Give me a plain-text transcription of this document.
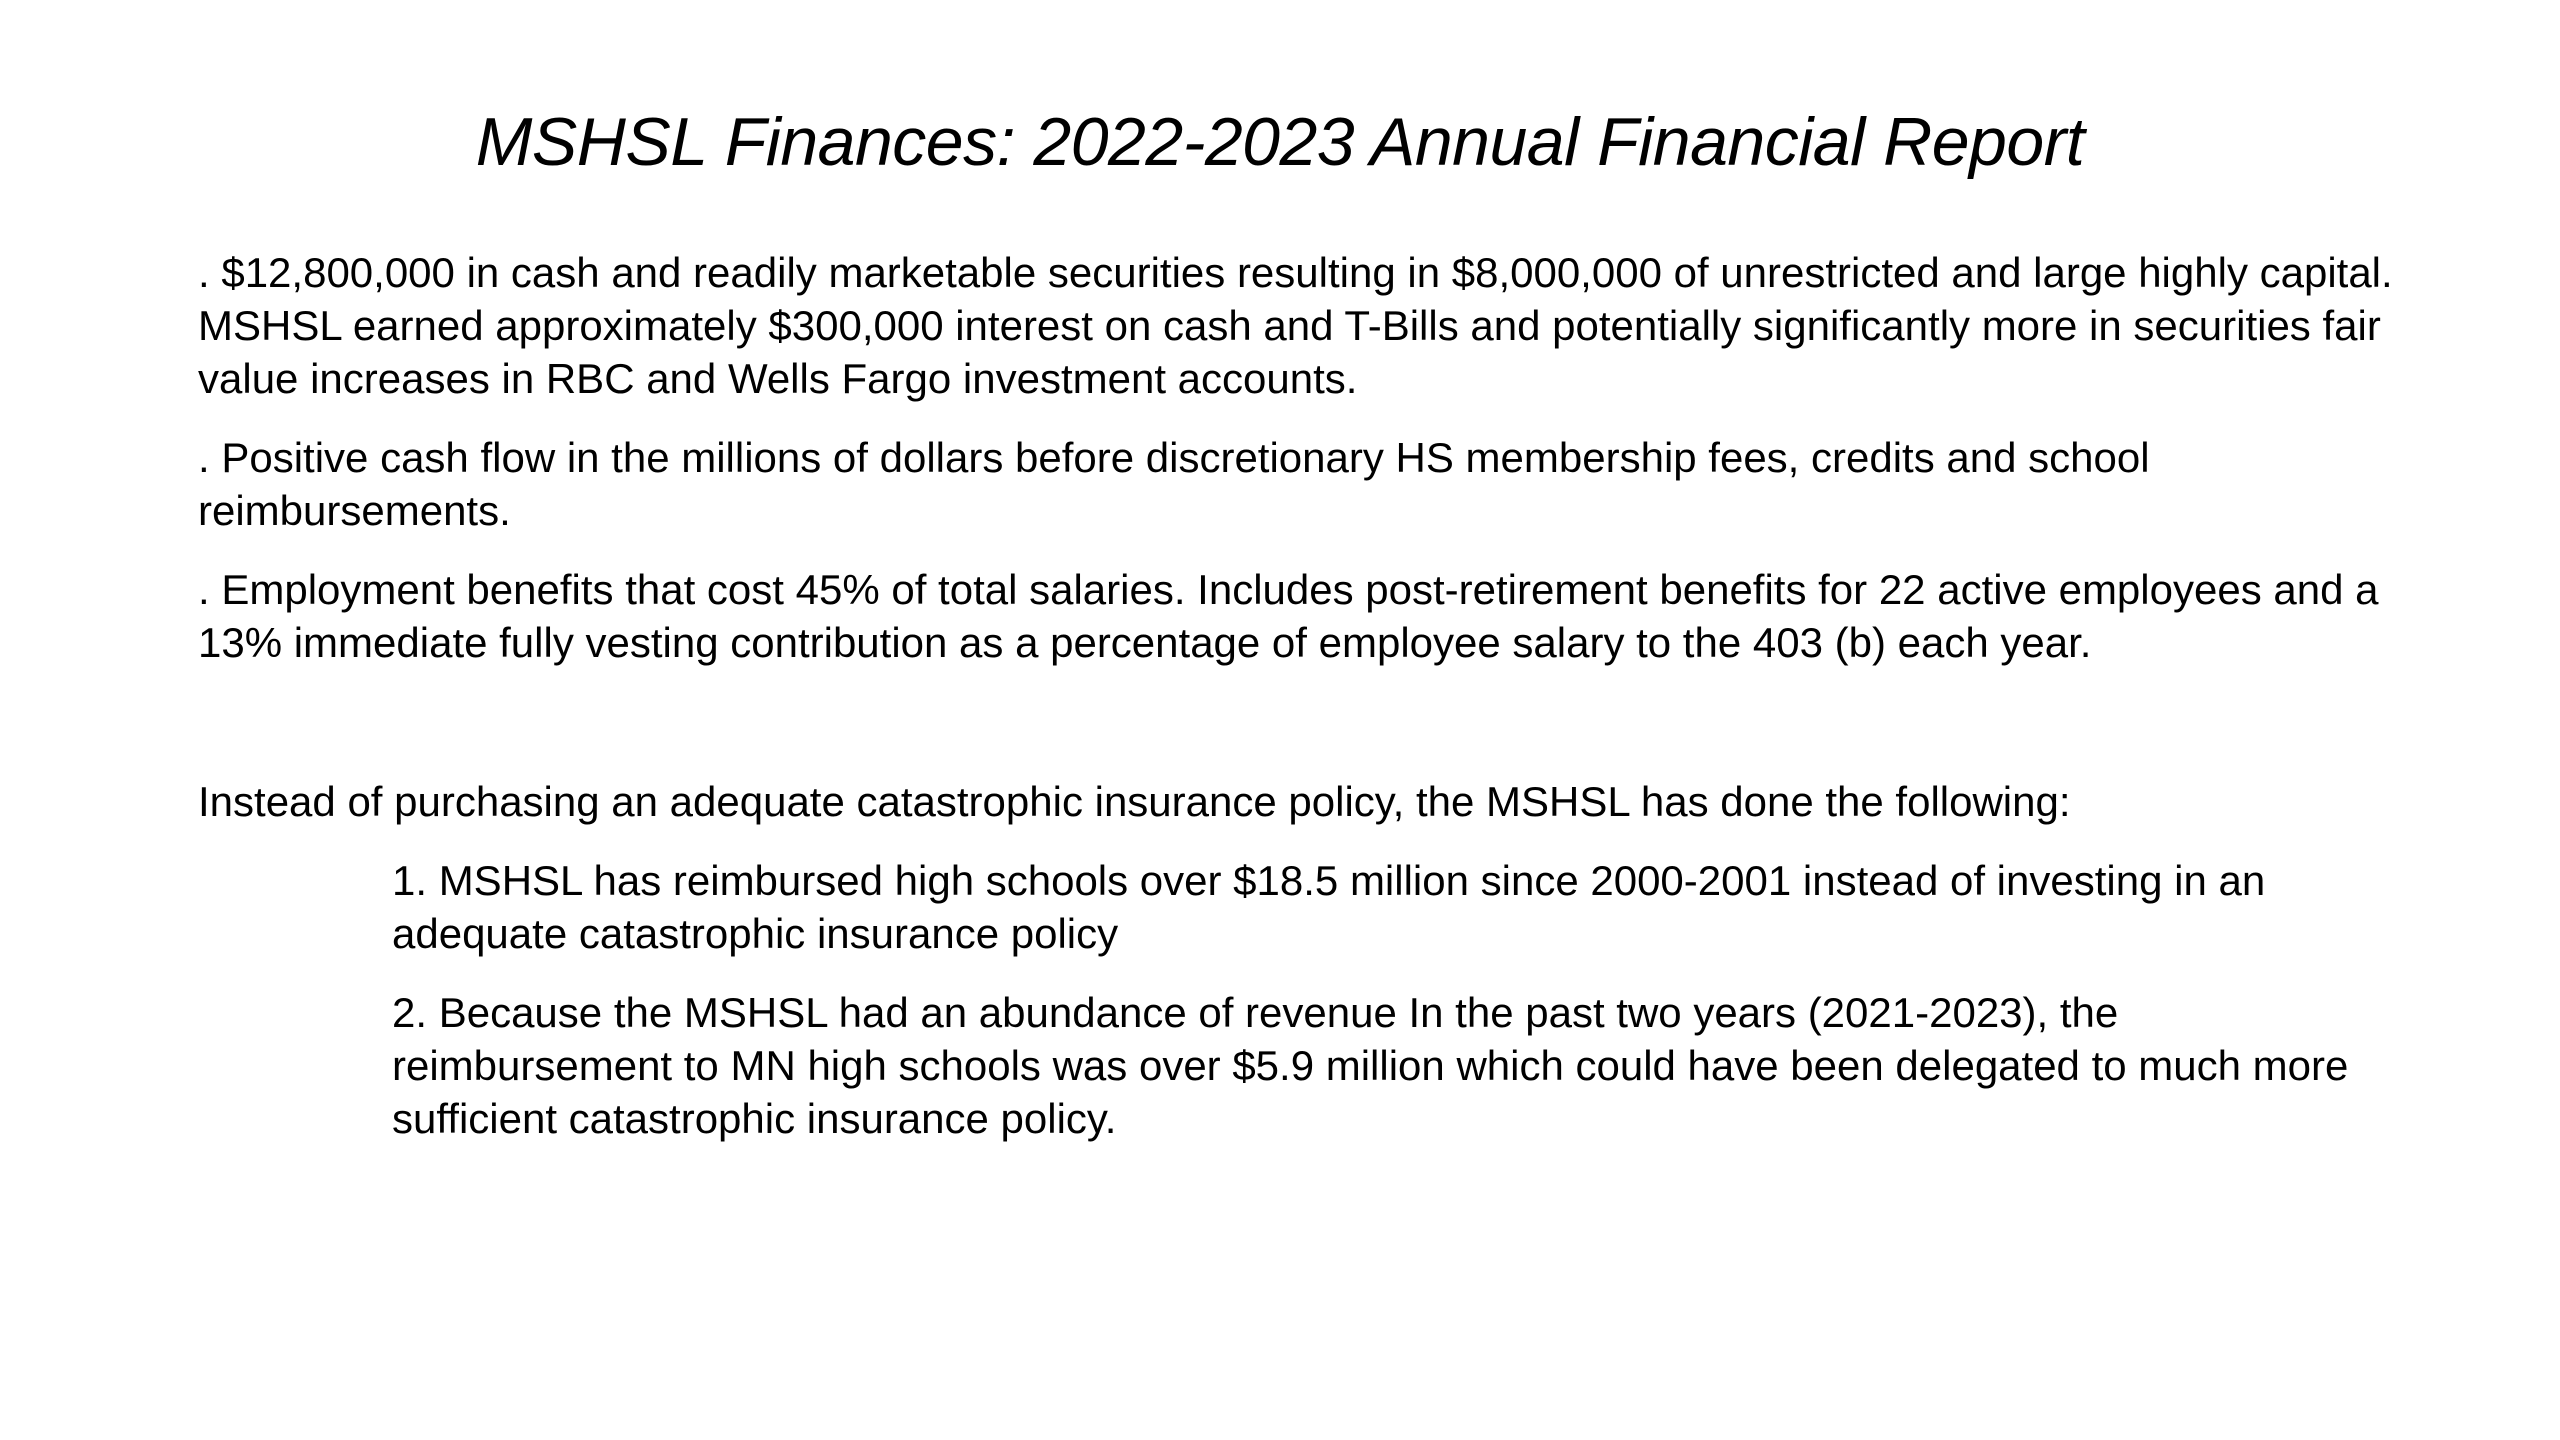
MSHSL Finances: 2022-2023 Annual Financial Report

. $12,800,000 in cash and readily marketable securities resulting in $8,000,000 of unrestricted and large highly capital. MSHSL earned approximately $300,000 interest on cash and T-Bills and potentially significantly more in securities fair value increases in RBC and Wells Fargo investment accounts.

. Positive cash flow in the millions of dollars before discretionary HS membership fees, credits and school reimbursements.

. Employment benefits that cost 45% of total salaries. Includes post-retirement benefits for 22 active employees and a 13% immediate fully vesting contribution as a percentage of employee salary to the 403 (b) each year.

Instead of purchasing an adequate catastrophic insurance policy, the MSHSL has done the following:

1. MSHSL has reimbursed high schools over $18.5 million since 2000-2001 instead of investing in an adequate catastrophic insurance policy

2. Because the MSHSL had an abundance of revenue In the past two years (2021-2023), the reimbursement to MN high schools was over $5.9 million which could have been delegated to much more sufficient catastrophic insurance policy.
